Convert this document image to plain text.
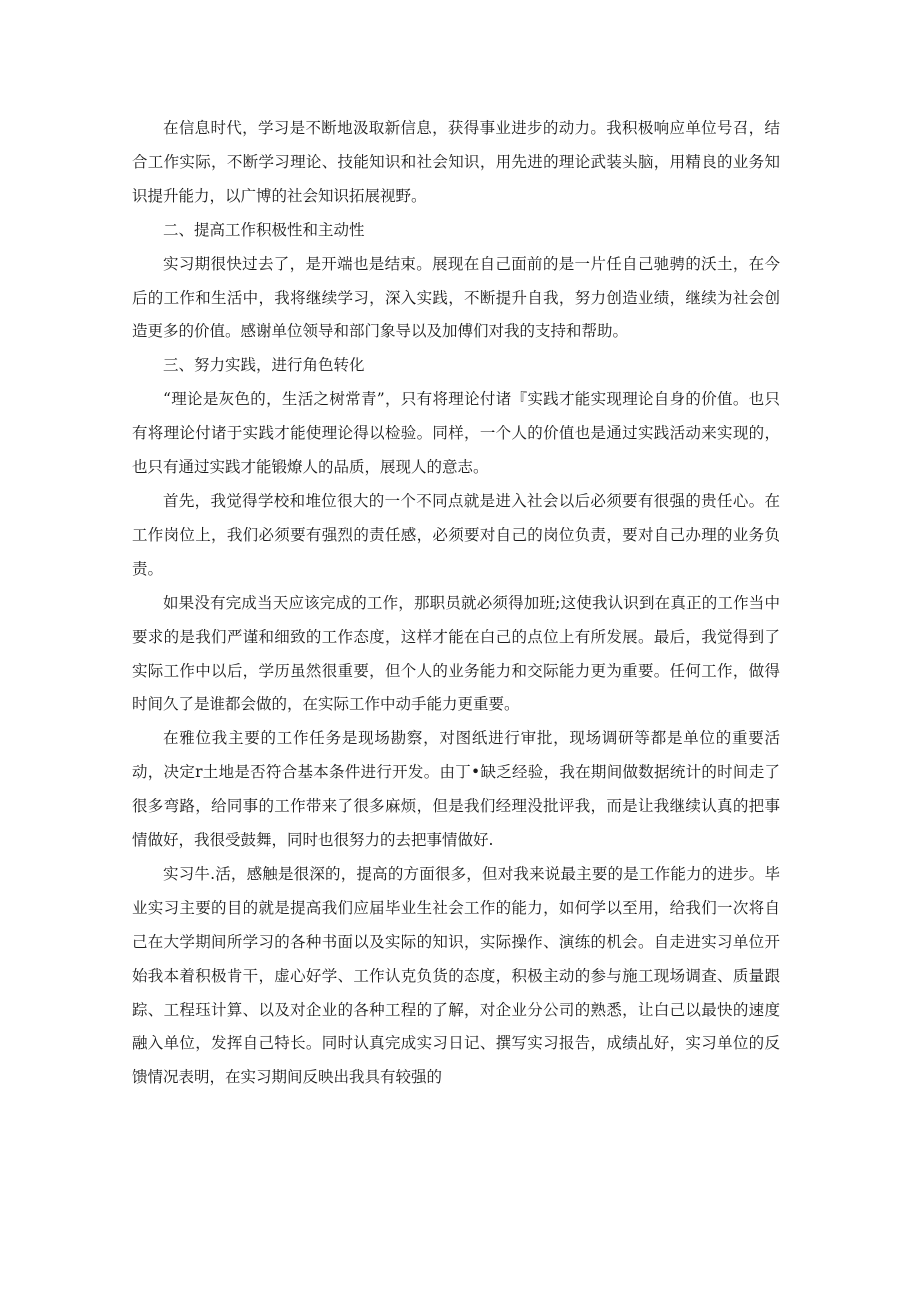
在信息时代，学习是不断地汲取新信息，获得事业进步的动力。我积极响应单位号召，结合工作实际，不断学习理论、技能知识和社会知识，用先进的理论武装头脑，用精良的业务知识提升能力，以广博的社会知识拓展视野。

二、提高工作积极性和主动性

实习期很快过去了，是开端也是结束。展现在自己面前的是一片任自己驰骋的沃土，在今后的工作和生活中，我将继续学习，深入实践，不断提升自我，努力创造业绩，继续为社会创造更多的价值。感谢单位领导和部门象导以及加傅们对我的支持和帮助。

三、努力实践，进行角色转化

“理论是灰色的，生活之树常青”，只有将理论付诸『实践才能实现理论自身的价值。也只有将理论付诸于实践才能使理论得以检验。同样，一个人的价值也是通过实践活动来实现的，也只有通过实践才能锻燎人的品质，展现人的意志。

首先，我觉得学校和堆位很大的一个不同点就是进入社会以后必须要有很强的贵任心。在工作岗位上，我们必须要有强烈的责任感，必须要对自己的岗位负责，要对自己办理的业务负责。

如果没有完成当天应该完成的工作，那职员就必须得加班;这使我认识到在真正的工作当中要求的是我们严谨和细致的工作态度，这样才能在白己的点位上有所发展。最后，我觉得到了实际工作中以后，学历虽然很重要，但个人的业务能力和交际能力更为重要。任何工作，做得时间久了是谁都会做的，在实际工作中动手能力更重要。

在雅位我主要的工作任务是现场勘察，对图纸进行审批，现场调研等都是单位的重要活动，决定r土地是否符合基本条件进行开发。由丁•缺乏经验，我在期间做数据统计的时间走了很多弯路，给同事的工作带来了很多麻烦，但是我们经理没批评我，而是让我继续认真的把事情做好，我很受鼓舞，同时也很努力的去把事情做好.

实习牛.活，感触是很深的，提高的方面很多，但对我来说最主要的是工作能力的进步。毕业实习主要的目的就是提高我们应届毕业生社会工作的能力，如何学以至用，给我们一次将自己在大学期间所学习的各种书面以及实际的知识，实际操作、演练的机会。自走进实习单位开始我本着积极肯干，虚心好学、工作认克负货的态度，积极主动的参与施工现场调查、质量跟踪、工程珏计算、以及对企业的各种工程的了解，对企业分公司的熟悉，让白己以最快的速度融入单位，发挥自己特长。同时认真完成实习日记、撰写实习报告，成绩乩好，实习单位的反馈情况表明，在实习期间反映出我具有较强的
